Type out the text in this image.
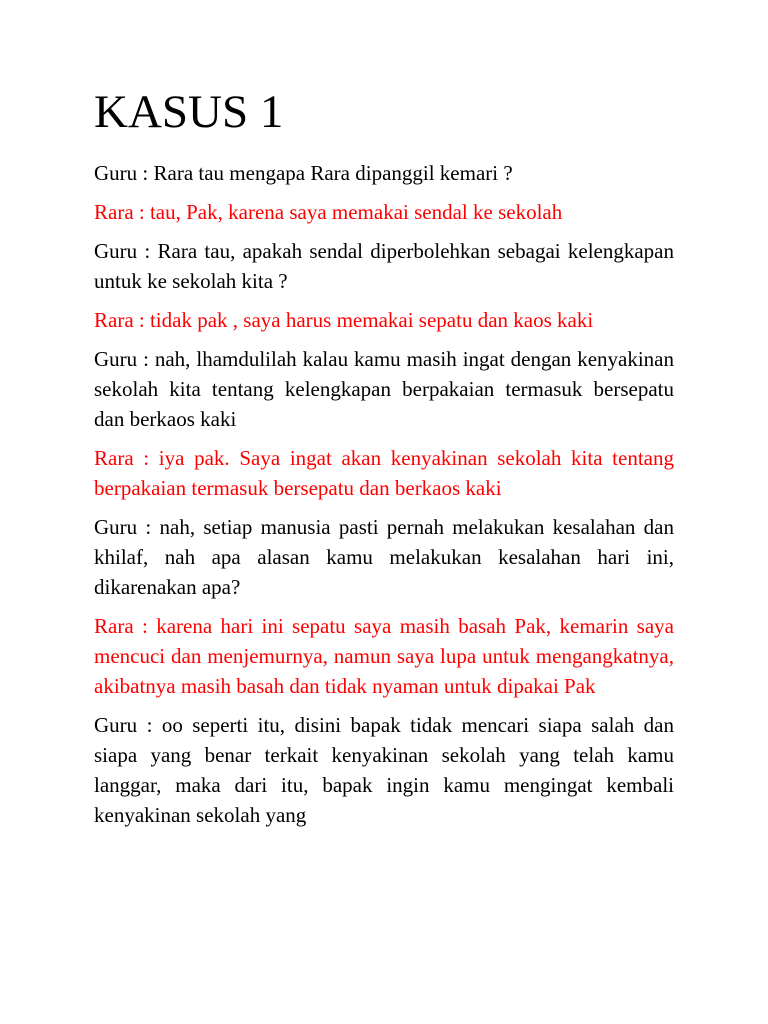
KASUS 1

Guru : Rara tau mengapa Rara dipanggil kemari ?

Rara : tau, Pak, karena saya memakai sendal ke sekolah

Guru : Rara tau, apakah sendal diperbolehkan sebagai kelengkapan untuk ke sekolah kita ?

Rara : tidak pak , saya harus memakai sepatu dan kaos kaki

Guru : nah, lhamdulilah kalau kamu masih ingat dengan kenyakinan sekolah kita tentang kelengkapan berpakaian termasuk bersepatu dan berkaos kaki

Rara : iya pak. Saya ingat akan kenyakinan sekolah kita tentang berpakaian termasuk bersepatu dan berkaos kaki

Guru : nah, setiap manusia pasti pernah melakukan kesalahan dan khilaf, nah apa alasan kamu melakukan kesalahan hari ini, dikarenakan apa?

Rara : karena hari ini sepatu saya masih basah Pak, kemarin saya mencuci dan menjemurnya, namun saya lupa untuk mengangkatnya, akibatnya masih basah dan tidak nyaman untuk dipakai Pak

Guru : oo seperti itu, disini bapak tidak mencari siapa salah dan siapa yang benar terkait kenyakinan sekolah yang telah kamu langgar, maka dari itu, bapak ingin kamu mengingat kembali kenyakinan sekolah yang
